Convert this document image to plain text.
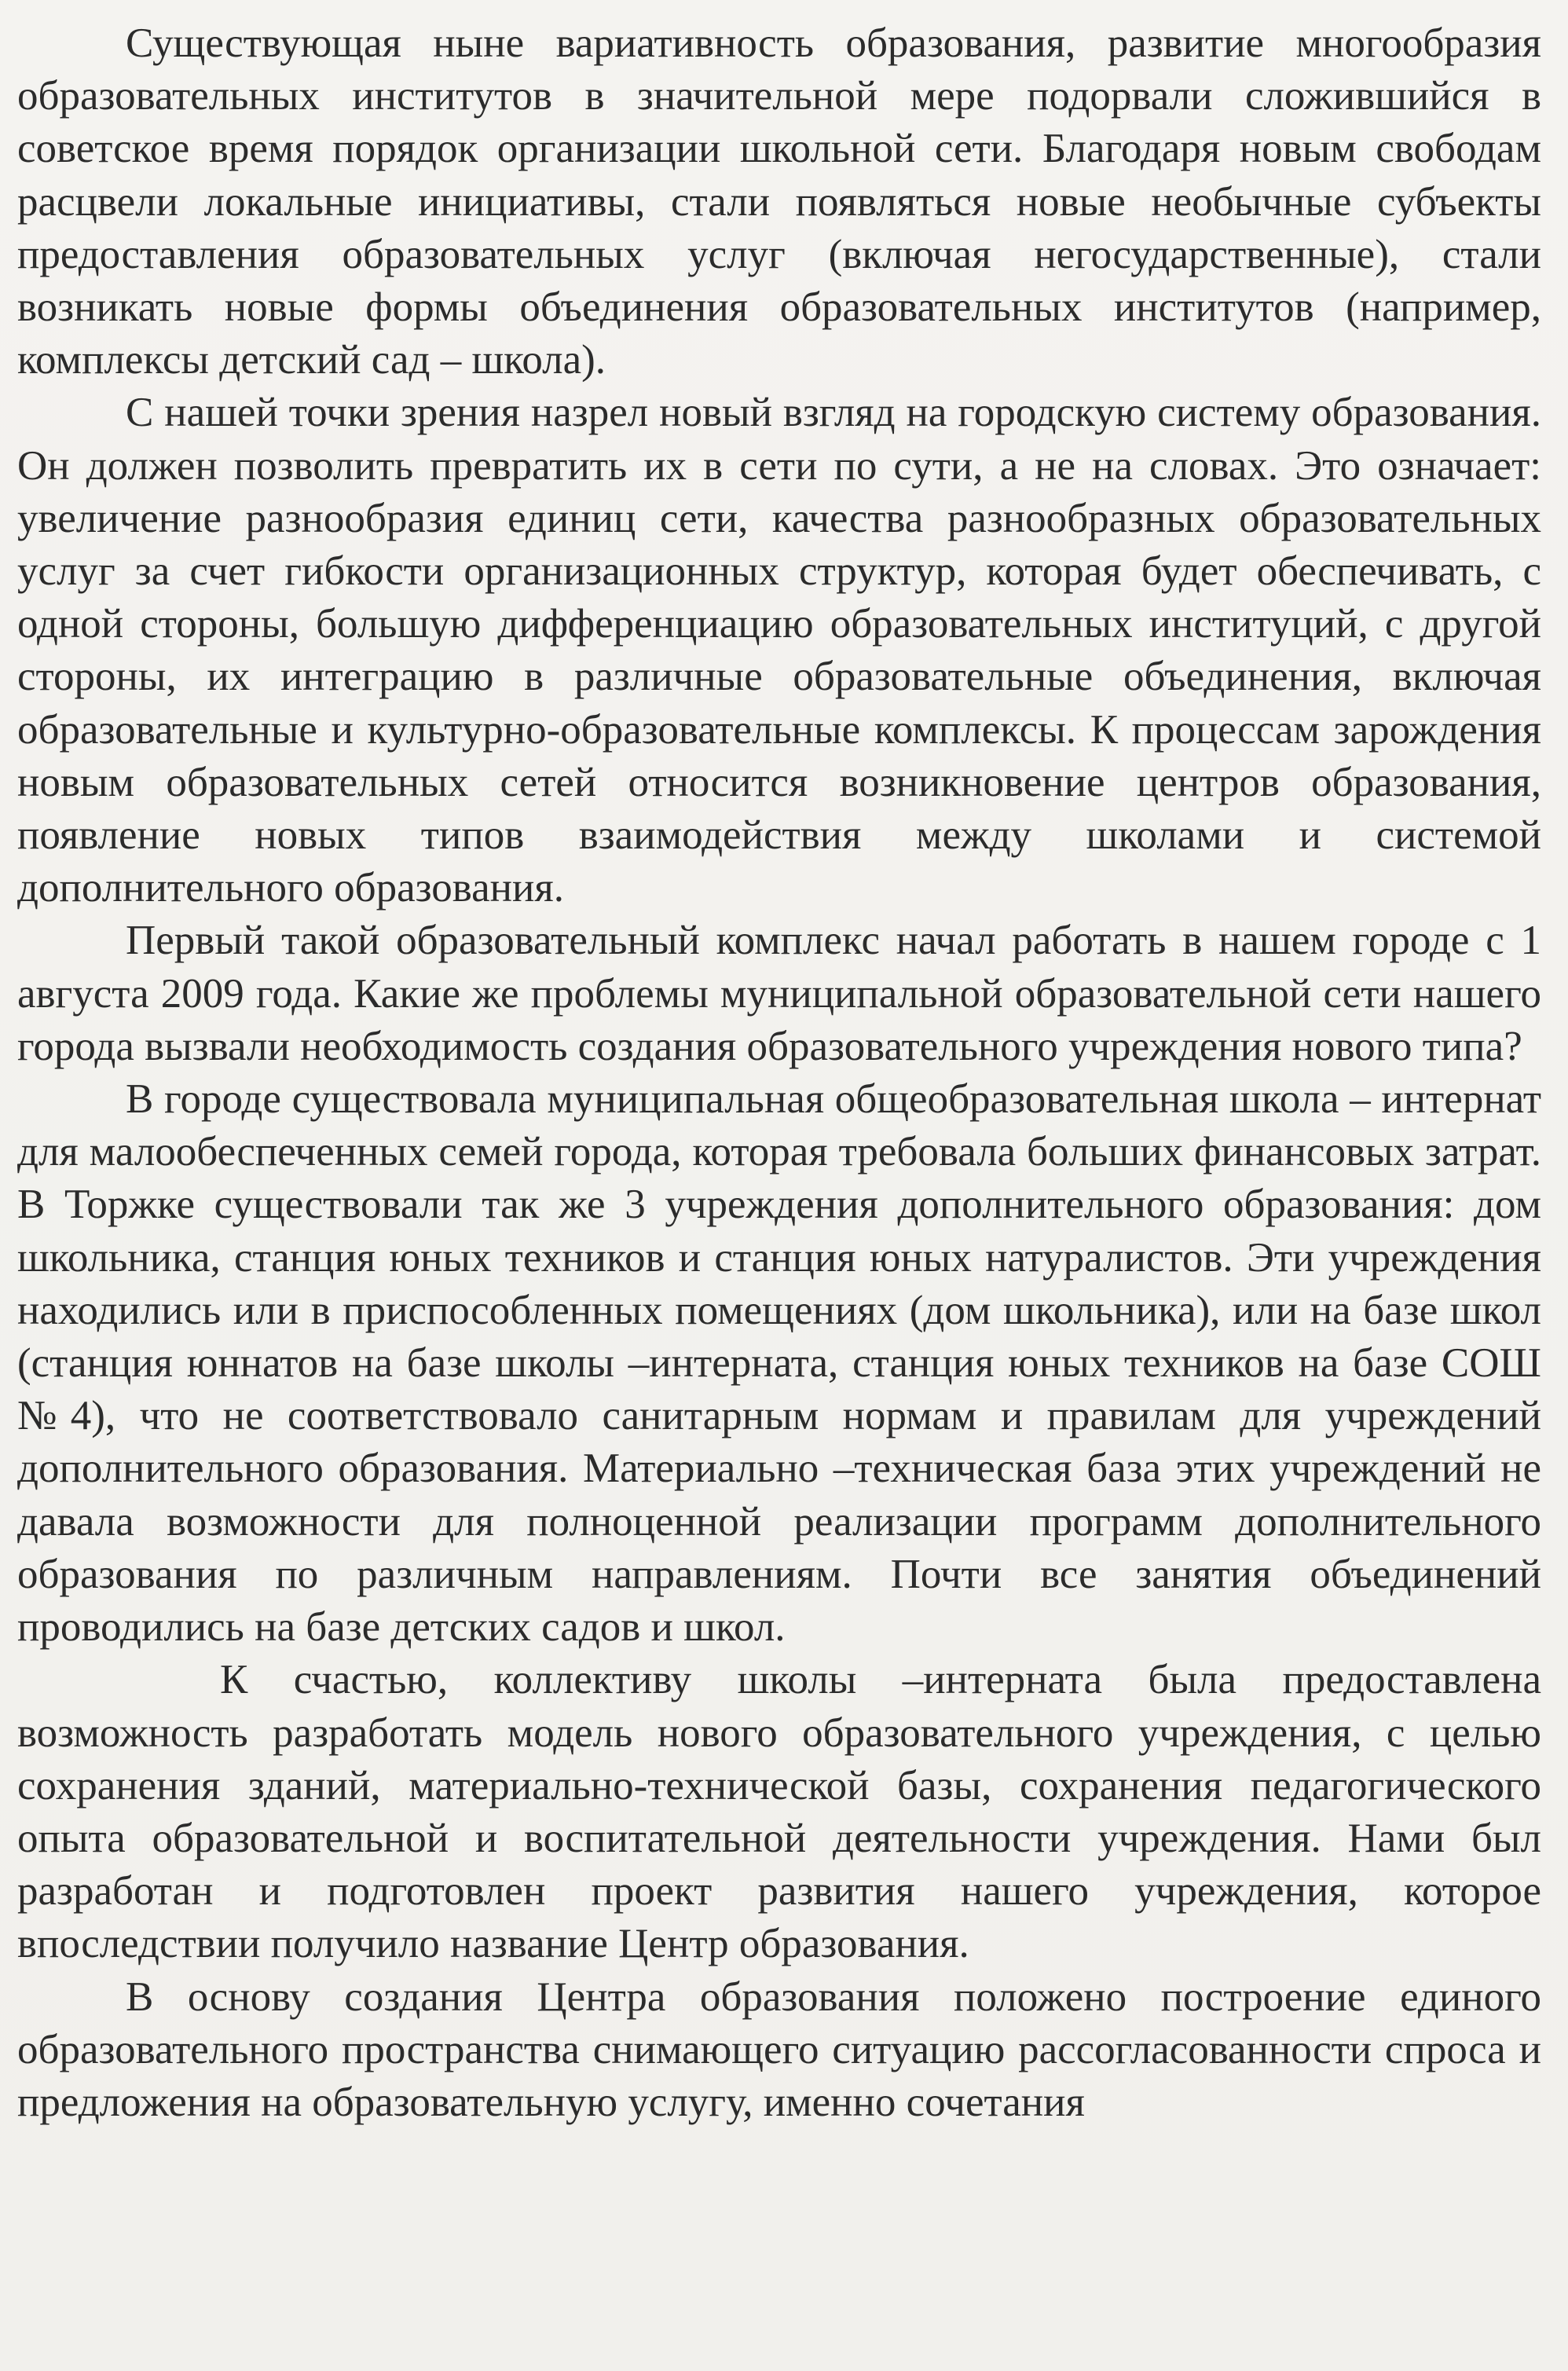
Существующая ныне вариативность образования, развитие многообразия образовательных институтов в значительной мере подорвали сложившийся в советское время порядок организации школьной сети. Благодаря новым свободам расцвели локальные инициативы, стали появляться новые необычные субъекты предоставления образовательных услуг (включая негосударственные), стали возникать новые формы объединения образовательных институтов (например, комплексы детский сад – школа).

С нашей точки зрения назрел новый взгляд на городскую систему образования. Он должен позволить превратить их в сети по сути, а не на словах. Это означает: увеличение разнообразия единиц сети, качества разнообразных образовательных услуг за счет гибкости организационных структур, которая будет обеспечивать, с одной стороны, большую дифференциацию образовательных институций, с другой стороны, их интеграцию в различные образовательные объединения, включая образовательные и культурно-образовательные комплексы. К процессам зарождения новым образовательных сетей относится возникновение центров образования, появление новых типов взаимодействия между школами и системой дополнительного образования.

Первый такой образовательный комплекс начал работать в нашем городе с 1 августа 2009 года. Какие же проблемы муниципальной образовательной сети нашего города вызвали необходимость создания образовательного учреждения нового типа?

В городе существовала муниципальная общеобразовательная школа – интернат для малообеспеченных семей города, которая требовала больших финансовых затрат. В Торжке существовали так же 3 учреждения дополнительного образования: дом школьника, станция юных техников и станция юных натуралистов. Эти учреждения находились или в приспособленных помещениях (дом школьника), или на базе школ (станция юннатов на базе школы –интерната, станция юных техников на базе СОШ №4), что не соответствовало санитарным нормам и правилам для учреждений дополнительного образования. Материально –техническая база этих учреждений не давала возможности для полноценной реализации программ дополнительного образования по различным направлениям. Почти все занятия объединений проводились на базе детских садов и школ.

К счастью, коллективу школы –интерната была предоставлена возможность разработать модель нового образовательного учреждения, с целью сохранения зданий, материально-технической базы, сохранения педагогического опыта образовательной и воспитательной деятельности учреждения. Нами был разработан и подготовлен проект развития нашего учреждения, которое впоследствии получило название Центр образования.

В основу создания Центра образования положено построение единого образовательного пространства снимающего ситуацию рассогласованности спроса и предложения на образовательную услугу, именно сочетания
